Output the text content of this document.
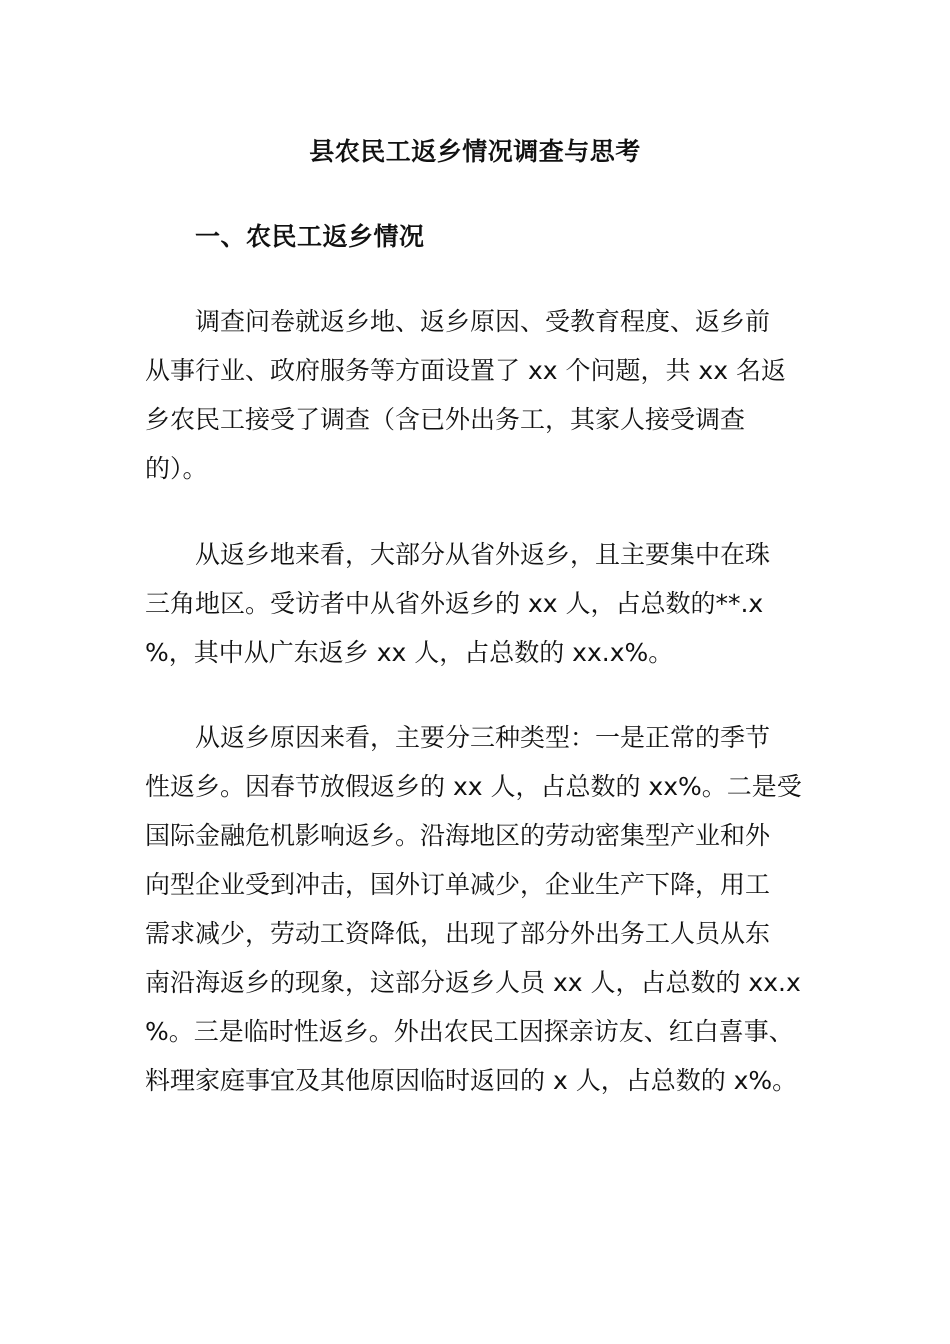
县农民工返乡情况调查与思考
一、农民工返乡情况
调查问卷就返乡地、返乡原因、受教育程度、返乡前
从事行业、政府服务等方面设置了 xx 个问题，共 xx 名返
乡农民工接受了调查（含已外出务工，其家人接受调查
的）。
从返乡地来看，大部分从省外返乡，且主要集中在珠
三角地区。受访者中从省外返乡的 xx 人，占总数的**.x
%，其中从广东返乡 xx 人，占总数的 xx.x%。
从返乡原因来看，主要分三种类型：一是正常的季节
性返乡。因春节放假返乡的 xx 人，占总数的 xx%。二是受
国际金融危机影响返乡。沿海地区的劳动密集型产业和外
向型企业受到冲击，国外订单减少，企业生产下降，用工
需求减少，劳动工资降低，出现了部分外出务工人员从东
南沿海返乡的现象，这部分返乡人员 xx 人，占总数的 xx.x
%。三是临时性返乡。外出农民工因探亲访友、红白喜事、
料理家庭事宜及其他原因临时返回的 x 人，占总数的 x%。
